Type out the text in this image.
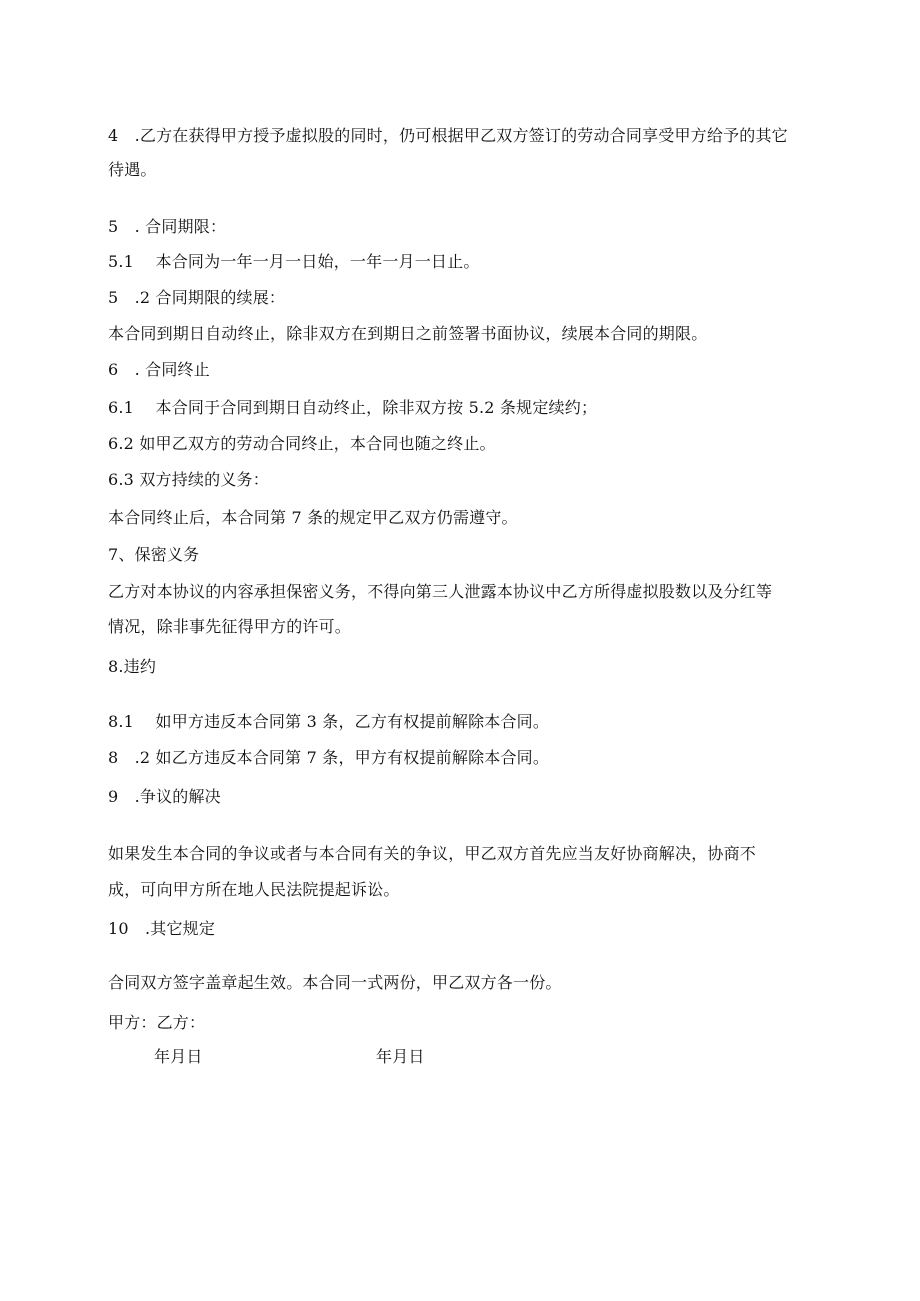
4　.乙方在获得甲方授予虚拟股的同时，仍可根据甲乙双方签订的劳动合同享受甲方给予的其它
待遇。
5　. 合同期限：
5.1　 本合同为一年一月一日始，一年一月一日止。
5　.2 合同期限的续展：
本合同到期日自动终止，除非双方在到期日之前签署书面协议，续展本合同的期限。
6　. 合同终止
6.1　 本合同于合同到期日自动终止，除非双方按 5.2 条规定续约；
6.2 如甲乙双方的劳动合同终止，本合同也随之终止。
6.3 双方持续的义务：
本合同终止后，本合同第 7 条的规定甲乙双方仍需遵守。
7、保密义务
乙方对本协议的内容承担保密义务，不得向第三人泄露本协议中乙方所得虚拟股数以及分红等
情况，除非事先征得甲方的许可。
8.违约
8.1　 如甲方违反本合同第 3 条，乙方有权提前解除本合同。
8　.2 如乙方违反本合同第 7 条，甲方有权提前解除本合同。
9　.争议的解决
如果发生本合同的争议或者与本合同有关的争议，甲乙双方首先应当友好协商解决，协商不
成，可向甲方所在地人民法院提起诉讼。
10　.其它规定
合同双方签字盖章起生效。本合同一式两份，甲乙双方各一份。
甲方：乙方：
年月日	年月日
